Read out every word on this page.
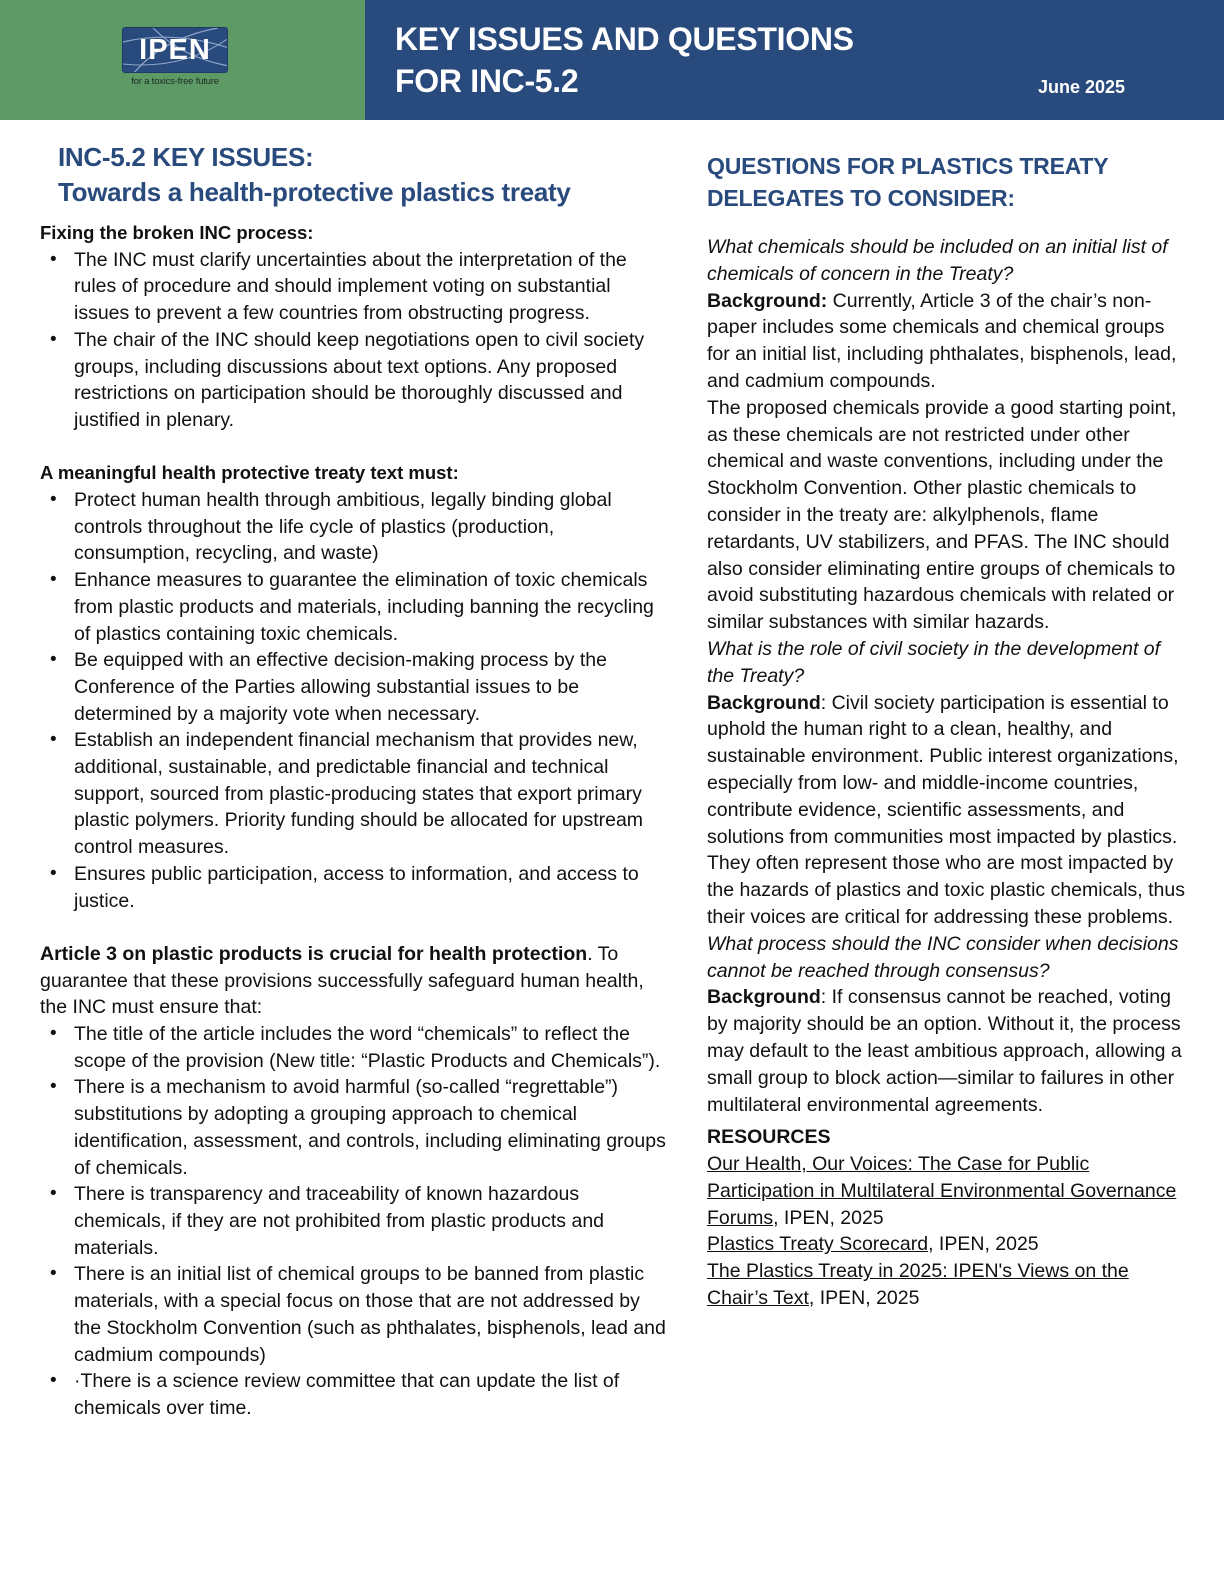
IPEN
for a toxics-free future
KEY ISSUES AND QUESTIONS
FOR INC-5.2	June 2025
INC-5.2 KEY ISSUES:
Towards a health-protective plastics treaty
Fixing the broken INC process:
• The INC must clarify uncertainties about the interpretation of the rules of procedure and should implement voting on substantial issues to prevent a few countries from obstructing progress.
• The chair of the INC should keep negotiations open to civil society groups, including discussions about text options. Any proposed restrictions on participation should be thoroughly discussed and justified in plenary.
A meaningful health protective treaty text must:
• Protect human health through ambitious, legally binding global controls throughout the life cycle of plastics (production, consumption, recycling, and waste)
• Enhance measures to guarantee the elimination of toxic chemicals from plastic products and materials, including banning the recycling of plastics containing toxic chemicals.
• Be equipped with an effective decision-making process by the Conference of the Parties allowing substantial issues to be determined by a majority vote when necessary.
• Establish an independent financial mechanism that provides new, additional, sustainable, and predictable financial and technical support, sourced from plastic-producing states that export primary plastic polymers. Priority funding should be allocated for upstream control measures.
• Ensures public participation, access to information, and access to justice.
Article 3 on plastic products is crucial for health protection. To guarantee that these provisions successfully safeguard human health, the INC must ensure that:
• The title of the article includes the word “chemicals” to reflect the scope of the provision (New title: “Plastic Products and Chemicals”).
• There is a mechanism to avoid harmful (so-called “regrettable”) substitutions by adopting a grouping approach to chemical identification, assessment, and controls, including eliminating groups of chemicals.
• There is transparency and traceability of known hazardous chemicals, if they are not prohibited from plastic products and materials.
• There is an initial list of chemical groups to be banned from plastic materials, with a special focus on those that are not addressed by the Stockholm Convention (such as phthalates, bisphenols, lead and cadmium compounds)
• ·There is a science review committee that can update the list of chemicals over time.
QUESTIONS FOR PLASTICS TREATY
DELEGATES TO CONSIDER:
What chemicals should be included on an initial list of chemicals of concern in the Treaty?
Background: Currently, Article 3 of the chair’s non-paper includes some chemicals and chemical groups for an initial list, including phthalates, bisphenols, lead, and cadmium compounds.
The proposed chemicals provide a good starting point, as these chemicals are not restricted under other chemical and waste conventions, including under the Stockholm Convention. Other plastic chemicals to consider in the treaty are: alkylphenols, flame retardants, UV stabilizers, and PFAS. The INC should also consider eliminating entire groups of chemicals to avoid substituting hazardous chemicals with related or similar substances with similar hazards.
What is the role of civil society in the development of the Treaty?
Background: Civil society participation is essential to uphold the human right to a clean, healthy, and sustainable environment. Public interest organizations, especially from low- and middle-income countries, contribute evidence, scientific assessments, and solutions from communities most impacted by plastics. They often represent those who are most impacted by the hazards of plastics and toxic plastic chemicals, thus their voices are critical for addressing these problems.
What process should the INC consider when decisions cannot be reached through consensus?
Background: If consensus cannot be reached, voting by majority should be an option. Without it, the process may default to the least ambitious approach, allowing a small group to block action—similar to failures in other multilateral environmental agreements.
RESOURCES
Our Health, Our Voices: The Case for Public Participation in Multilateral Environmental Governance Forums, IPEN, 2025
Plastics Treaty Scorecard, IPEN, 2025
The Plastics Treaty in 2025: IPEN's Views on the Chair’s Text, IPEN, 2025
